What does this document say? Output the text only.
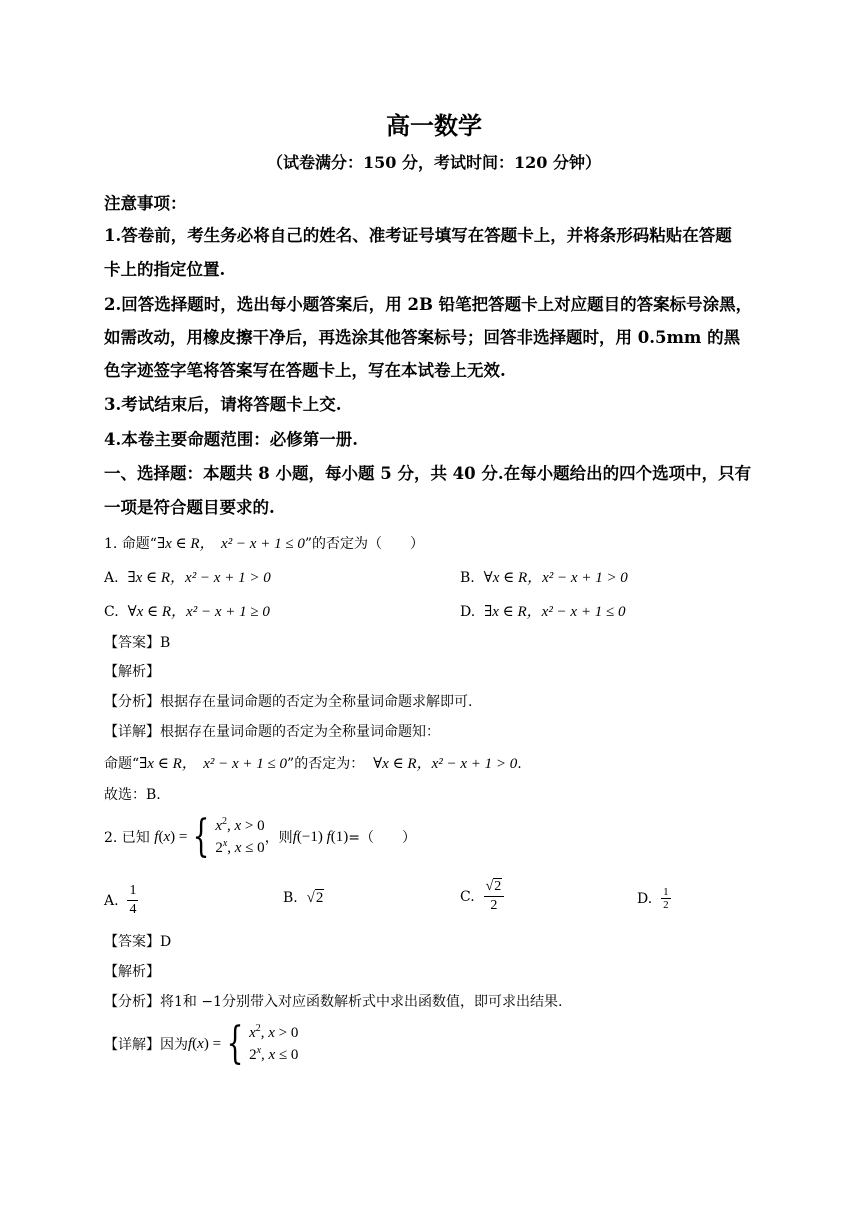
高一数学
（试卷满分：150 分，考试时间：120 分钟）
注意事项：
1.答卷前，考生务必将自己的姓名、准考证号填写在答题卡上，并将条形码粘贴在答题
卡上的指定位置.
2.回答选择题时，选出每小题答案后，用 2B 铅笔把答题卡上对应题目的答案标号涂黑，
如需改动，用橡皮擦干净后，再选涂其他答案标号；回答非选择题时，用 0.5mm 的黑
色字迹签字笔将答案写在答题卡上，写在本试卷上无效.
3.考试结束后，请将答题卡上交.
4.本卷主要命题范围：必修第一册.
一、选择题：本题共 8 小题，每小题 5 分，共 40 分.在每小题给出的四个选项中，只有
一项是符合题目要求的.
1. 命题“∃x ∈ R，　 x² − x + 1 ≤ 0”的否定为（　　）
A. ∃x ∈ R，x² − x + 1 > 0	B. ∀x ∈ R，x² − x + 1 > 0
C. ∀x ∈ R，x² − x + 1 ≥ 0	D. ∃x ∈ R，x² − x + 1 ≤ 0
【答案】B
【解析】
【分析】根据存在量词命题的否定为全称量词命题求解即可.
【详解】根据存在量词命题的否定为全称量词命题知：
命题“∃x ∈ R，　 x² − x + 1 ≤ 0”的否定为： ∀x ∈ R，x² − x + 1 > 0.
故选：B.
2. 已知
f(x) = { $x^2$, x > 0
2$^x$, x ≤ 0
，则 f(−1) f(1) =（　　）
A.
$\frac{1}{4}$	B. √2	C.
$\frac{√2}{2}$	D.
$\frac{1}{2}$
【答案】D
【解析】
【分析】将1和 −1分别带入对应函数解析式中求出函数值，即可求出结果.
【详解】因为 f(x) = { $x^2$, x > 0
2$^x$, x ≤ 0
